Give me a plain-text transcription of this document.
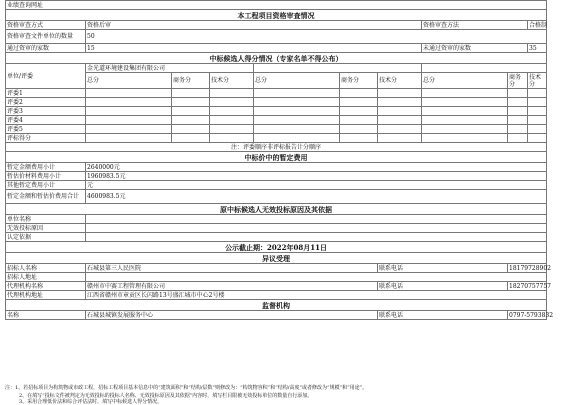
业绩查询网址									
本工程项目资格审查情况									
资格审查方式	资格后审						资格审查方法		合格制
资格审查文件单位的数量	50								
通过资审的家数	15						未通过资审的家数		35
中标候选人得分情况（专家名单不得公布）									
单位/评委	金光道环境建设集团有限公司								
	总分	商务分	技术分	总分	商务分	技术分	总分	商务分	技术分
评委1									
评委2									
评委3									
评委4									
评委5									
评标得分									
注：评委顺序非评标报告计分顺序									
中标价中的暂定费用									
暂定金额费用小计	2640000元								
暂估价材料费用小计	1960983.5元								
其他暂定费用小计	元								
暂定金额和暂估价费用合计	4600983.5元								
原中标候选人无效投标原因及其依据									
单位名称									
无效投标原因									
认定依据									
公示截止期：2022年08月11日									
异议受理									
招标人名称	石城县第三人民医院					联系电话		18179728902	
招标人地址									
代理机构名称	赣州市中赛工程管理有限公司					联系电话		18270757757	
代理机构地址	江西省赣州市章贡区长闪路13号盛汇城市中心2号楼								
监督机构									
名称	石城县城镇发展服务中心					联系电话		0797-5793832	
注：1、若招标项目为构筑物或市政工程，招标工程项目基本信息中的“建筑面积”和“结构/层数”则修改为：“构筑物容积”和“结构/高度”或者修改为“规模”和“用途”。
2、在填写“投标文件被判定为无效投标的投标人名称、无效投标原因及其依据”内容时，填写栏目限被无效投标单位的数量自行添加。
3、采用合理低价法和综合评估法时，填写中标候选人得分情况。
